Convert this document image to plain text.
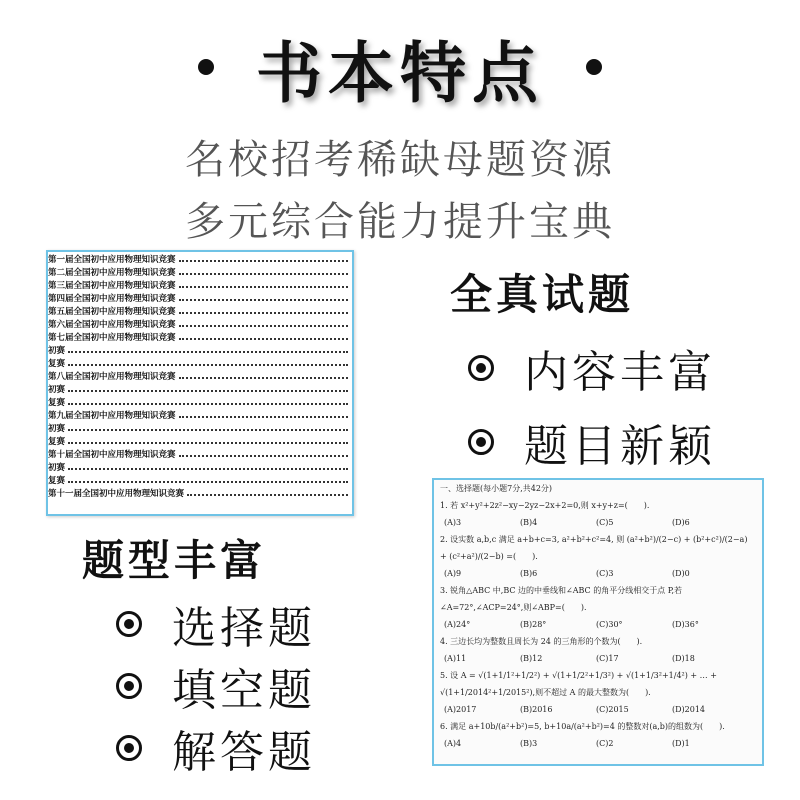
书本特点
名校招考稀缺母题资源
多元综合能力提升宝典
第一届全国初中应用物理知识竞赛
第二届全国初中应用物理知识竞赛
第三届全国初中应用物理知识竞赛
第四届全国初中应用物理知识竞赛
第五届全国初中应用物理知识竞赛
第六届全国初中应用物理知识竞赛
第七届全国初中应用物理知识竞赛
初赛
复赛
第八届全国初中应用物理知识竞赛
初赛
复赛
第九届全国初中应用物理知识竞赛
初赛
复赛
第十届全国初中应用物理知识竞赛
初赛
复赛
第十一届全国初中应用物理知识竞赛
全真试题
内容丰富
题目新颖
题型丰富
选择题
填空题
解答题
一、选择题(每小题7分,共42分)
1. 若 x²+y²+2z²−xy−2yz−2x+2=0,则 x+y+z=(　　).
(A)3	(B)4	(C)5	(D)6
2. 设实数 a,b,c 满足 a+b+c=3, a²+b²+c²=4, 则 (a²+b²)/(2−c) + (b²+c²)/(2−a)
+ (c²+a²)/(2−b) =(　　).
(A)9	(B)6	(C)3	(D)0
3. 锐角△ABC 中,BC 边的中垂线和∠ABC 的角平分线相交于点 P,若
∠A=72°,∠ACP=24°,则∠ABP=(　　).
(A)24°	(B)28°	(C)30°	(D)36°
4. 三边长均为整数且周长为 24 的三角形的个数为(　　).
(A)11	(B)12	(C)17	(D)18
5. 设 A = √(1+1/1²+1/2²) + √(1+1/2²+1/3²) + √(1+1/3²+1/4²) + … +
√(1+1/2014²+1/2015²),则不超过 A 的最大整数为(　　).
(A)2017	(B)2016	(C)2015	(D)2014
6. 满足 a+10b/(a²+b²)=5, b+10a/(a²+b²)=4 的整数对(a,b)的组数为(　　).
(A)4	(B)3	(C)2	(D)1
